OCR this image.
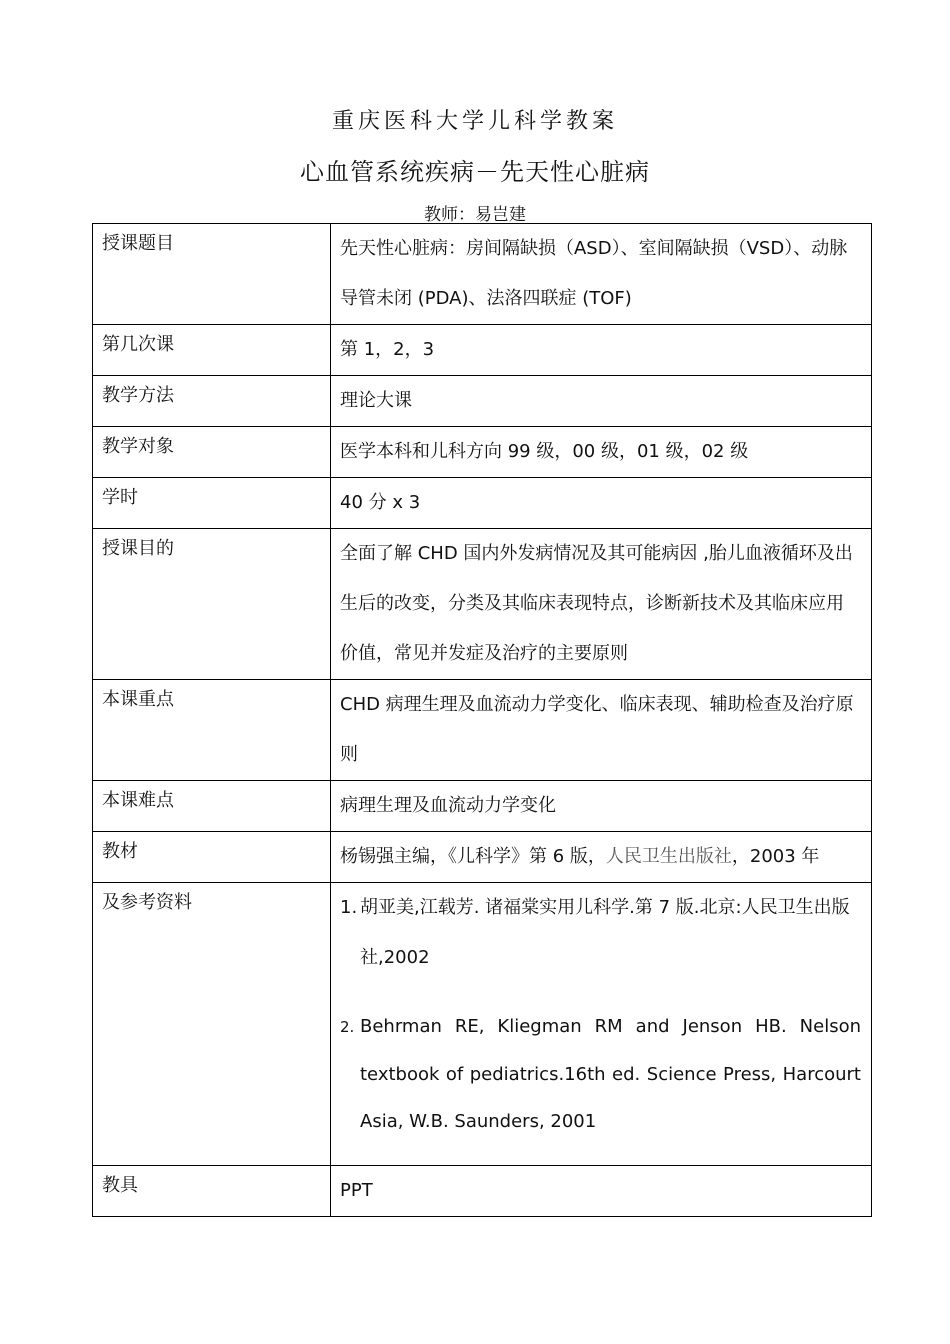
重庆医科大学儿科学教案
心血管系统疾病－先天性心脏病
教师：易岂建
授课题目	先天性心脏病：房间隔缺损（ASD）、室间隔缺损（VSD）、动脉导管未闭 (PDA)、法洛四联症 (TOF)
第几次课	第 1，2，3
教学方法	理论大课
教学对象	医学本科和儿科方向 99 级，00 级，01 级，02 级
学时	40 分 x 3
授课目的	全面了解 CHD 国内外发病情况及其可能病因 ,胎儿血液循环及出生后的改变，分类及其临床表现特点，诊断新技术及其临床应用价值，常见并发症及治疗的主要原则
本课重点	CHD 病理生理及血流动力学变化、临床表现、辅助检查及治疗原则
本课难点	病理生理及血流动力学变化
教材	杨锡强主编，《儿科学》第 6 版，人民卫生出版社，2003 年
及参考资料	1. 胡亚美,江载芳. 诸福棠实用儿科学.第 7 版.北京:人民卫生出版社,2002
2. Behrman RE, Kliegman RM and Jenson HB. Nelson textbook of pediatrics.16th ed. Science Press, Harcourt Asia, W.B. Saunders, 2001

教具	PPT
